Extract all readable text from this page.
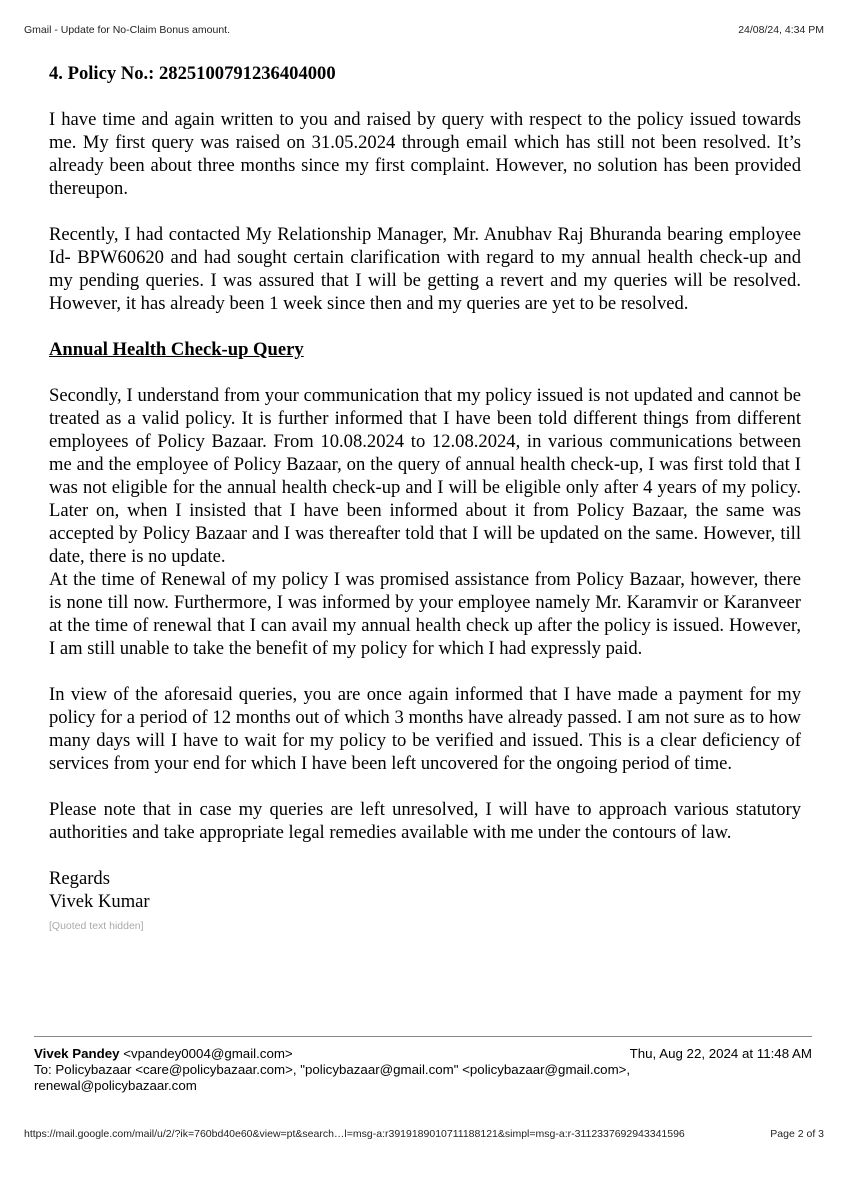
Gmail - Update for No-Claim Bonus amount.	24/08/24, 4:34 PM

4. Policy No.: 2825100791236404000

I have time and again written to you and raised by query with respect to the policy issued towards me. My first query was raised on 31.05.2024 through email which has still not been resolved. It’s already been about three months since my first complaint. However, no solution has been provided thereupon.

Recently, I had contacted My Relationship Manager, Mr. Anubhav Raj Bhuranda bearing employee Id- BPW60620 and had sought certain clarification with regard to my annual health check-up and my pending queries. I was assured that I will be getting a revert and my queries will be resolved. However, it has already been 1 week since then and my queries are yet to be resolved.

Annual Health Check-up Query

Secondly, I understand from your communication that my policy issued is not updated and cannot be treated as a valid policy. It is further informed that I have been told different things from different employees of Policy Bazaar. From 10.08.2024 to 12.08.2024, in various communications between me and the employee of Policy Bazaar, on the query of annual health check-up, I was first told that I was not eligible for the annual health check-up and I will be eligible only after 4 years of my policy. Later on, when I insisted that I have been informed about it from Policy Bazaar, the same was accepted by Policy Bazaar and I was thereafter told that I will be updated on the same. However, till date, there is no update.

At the time of Renewal of my policy I was promised assistance from Policy Bazaar, however, there is none till now. Furthermore, I was informed by your employee namely Mr. Karamvir or Karanveer at the time of renewal that I can avail my annual health check up after the policy is issued. However, I am still unable to take the benefit of my policy for which I had expressly paid.

In view of the aforesaid queries, you are once again informed that I have made a payment for my policy for a period of 12 months out of which 3 months have already passed. I am not sure as to how many days will I have to wait for my policy to be verified and issued. This is a clear deficiency of services from your end for which I have been left uncovered for the ongoing period of time.

Please note that in case my queries are left unresolved, I will have to approach various statutory authorities and take appropriate legal remedies available with me under the contours of law.

Regards
Vivek Kumar
[Quoted text hidden]
Vivek Pandey <vpandey0004@gmail.com>	Thu, Aug 22, 2024 at 11:48 AM
To: Policybazaar <care@policybazaar.com>, "policybazaar@gmail.com" <policybazaar@gmail.com>,
renewal@policybazaar.com
https://mail.google.com/mail/u/2/?ik=760bd40e60&view=pt&search…l=msg-a:r3919189010711188121&simpl=msg-a:r-3112337692943341596	Page 2 of 3
